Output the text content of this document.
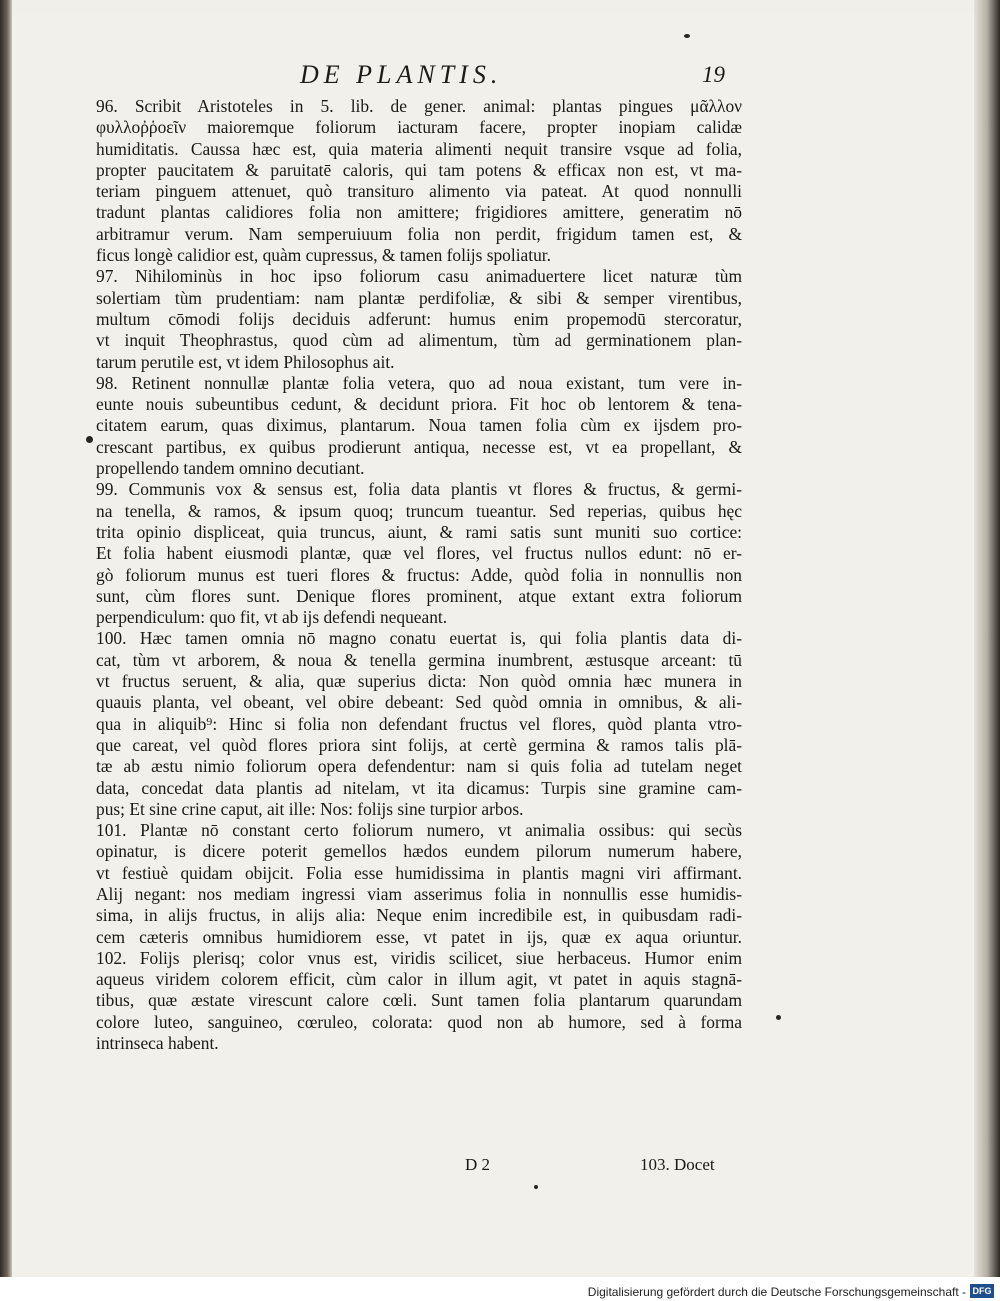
DE PLANTIS.	19
96. Scribit Aristoteles in 5. lib. de gener. animal: plantas pingues μᾶλλον
φυλλοῤῥοεῖν maioremque foliorum iacturam facere, propter inopiam calidæ
humiditatis. Caussa hæc est, quia materia alimenti nequit transire vsque ad folia,
propter paucitatem & paruitatē caloris, qui tam potens & efficax non est, vt ma-
teriam pinguem attenuet, quò transituro alimento via pateat. At quod nonnulli
tradunt plantas calidiores folia non amittere; frigidiores amittere, generatim nō
arbitramur verum. Nam semperuiuum folia non perdit, frigidum tamen est, &
ficus longè calidior est, quàm cupressus, & tamen folijs spoliatur.
97. Nihilominùs in hoc ipso foliorum casu animaduertere licet naturæ tùm
solertiam tùm prudentiam: nam plantæ perdifoliæ, & sibi & semper virentibus,
multum cōmodi folijs deciduis adferunt: humus enim propemodū stercoratur,
vt inquit Theophrastus, quod cùm ad alimentum, tùm ad germinationem plan-
tarum perutile est, vt idem Philosophus ait.
98. Retinent nonnullæ plantæ folia vetera, quo ad noua existant, tum vere in-
eunte nouis subeuntibus cedunt, & decidunt priora. Fit hoc ob lentorem & tena-
citatem earum, quas diximus, plantarum. Noua tamen folia cùm ex ijsdem pro-
crescant partibus, ex quibus prodierunt antiqua, necesse est, vt ea propellant, &
propellendo tandem omnino decutiant.
99. Communis vox & sensus est, folia data plantis vt flores & fructus, & germi-
na tenella, & ramos, & ipsum quoq; truncum tueantur. Sed reperias, quibus hęc
trita opinio displiceat, quia truncus, aiunt, & rami satis sunt muniti suo cortice:
Et folia habent eiusmodi plantæ, quæ vel flores, vel fructus nullos edunt: nō er-
gò foliorum munus est tueri flores & fructus: Adde, quòd folia in nonnullis non
sunt, cùm flores sunt. Denique flores prominent, atque extant extra foliorum
perpendiculum: quo fit, vt ab ijs defendi nequeant.
100. Hæc tamen omnia nō magno conatu euertat is, qui folia plantis data di-
cat, tùm vt arborem, & noua & tenella germina inumbrent, æstusque arceant: tū
vt fructus seruent, & alia, quæ superius dicta: Non quòd omnia hæc munera in
quauis planta, vel obeant, vel obire debeant: Sed quòd omnia in omnibus, & ali-
qua in aliquib⁹: Hinc si folia non defendant fructus vel flores, quòd planta vtro-
que careat, vel quòd flores priora sint folijs, at certè germina & ramos talis plā-
tæ ab æstu nimio foliorum opera defendentur: nam si quis folia ad tutelam neget
data, concedat data plantis ad nitelam, vt ita dicamus: Turpis sine gramine cam-
pus; Et sine crine caput, ait ille: Nos: folijs sine turpior arbos.
101. Plantæ nō constant certo foliorum numero, vt animalia ossibus: qui secùs
opinatur, is dicere poterit gemellos hædos eundem pilorum numerum habere,
vt festiuè quidam obijcit. Folia esse humidissima in plantis magni viri affirmant.
Alij negant: nos mediam ingressi viam asserimus folia in nonnullis esse humidis-
sima, in alijs fructus, in alijs alia: Neque enim incredibile est, in quibusdam radi-
cem cæteris omnibus humidiorem esse, vt patet in ijs, quæ ex aqua oriuntur.
102. Folijs plerisq; color vnus est, viridis scilicet, siue herbaceus. Humor enim
aqueus viridem colorem efficit, cùm calor in illum agit, vt patet in aquis stagnā-
tibus, quæ æstate virescunt calore cœli. Sunt tamen folia plantarum quarundam
colore luteo, sanguineo, cœruleo, colorata: quod non ab humore, sed à forma
intrinseca habent.
D 2	103. Docet
Digitalisierung gefördert durch die Deutsche Forschungsgemeinschaft - DFG
